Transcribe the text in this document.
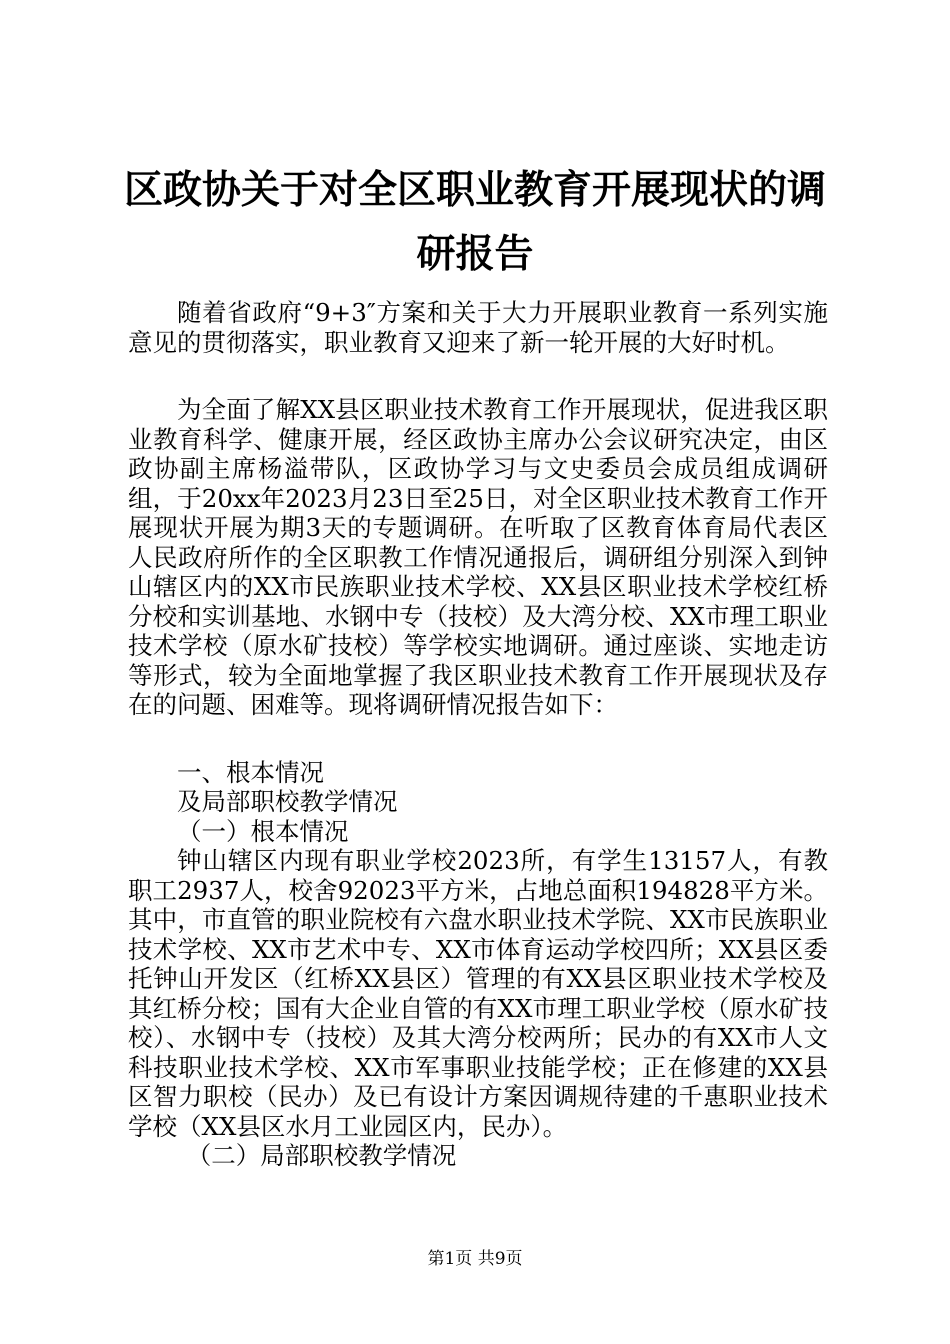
区政协关于对全区职业教育开展现状的调研报告

随着省政府“9+3″方案和关于大力开展职业教育一系列实施意见的贯彻落实，职业教育又迎来了新一轮开展的大好时机。

为全面了解XX县区职业技术教育工作开展现状，促进我区职业教育科学、健康开展，经区政协主席办公会议研究决定，由区政协副主席杨溢带队，区政协学习与文史委员会成员组成调研组，于20xx年2023月23日至25日，对全区职业技术教育工作开展现状开展为期3天的专题调研。在听取了区教育体育局代表区人民政府所作的全区职教工作情况通报后，调研组分别深入到钟山辖区内的XX市民族职业技术学校、XX县区职业技术学校红桥分校和实训基地、水钢中专（技校）及大湾分校、XX市理工职业技术学校（原水矿技校）等学校实地调研。通过座谈、实地走访等形式，较为全面地掌握了我区职业技术教育工作开展现状及存在的问题、困难等。现将调研情况报告如下：

一、根本情况

及局部职校教学情况

（一）根本情况

钟山辖区内现有职业学校2023所，有学生13157人，有教职工2937人，校舍92023平方米，占地总面积194828平方米。其中，市直管的职业院校有六盘水职业技术学院、XX市民族职业技术学校、XX市艺术中专、XX市体育运动学校四所；XX县区委托钟山开发区（红桥XX县区）管理的有XX县区职业技术学校及其红桥分校；国有大企业自管的有XX市理工职业学校（原水矿技校）、水钢中专（技校）及其大湾分校两所；民办的有XX市人文科技职业技术学校、XX市军事职业技能学校；正在修建的XX县区智力职校（民办）及已有设计方案因调规待建的千惠职业技术学校（XX县区水月工业园区内，民办）。

（二）局部职校教学情况

第1页 共9页
